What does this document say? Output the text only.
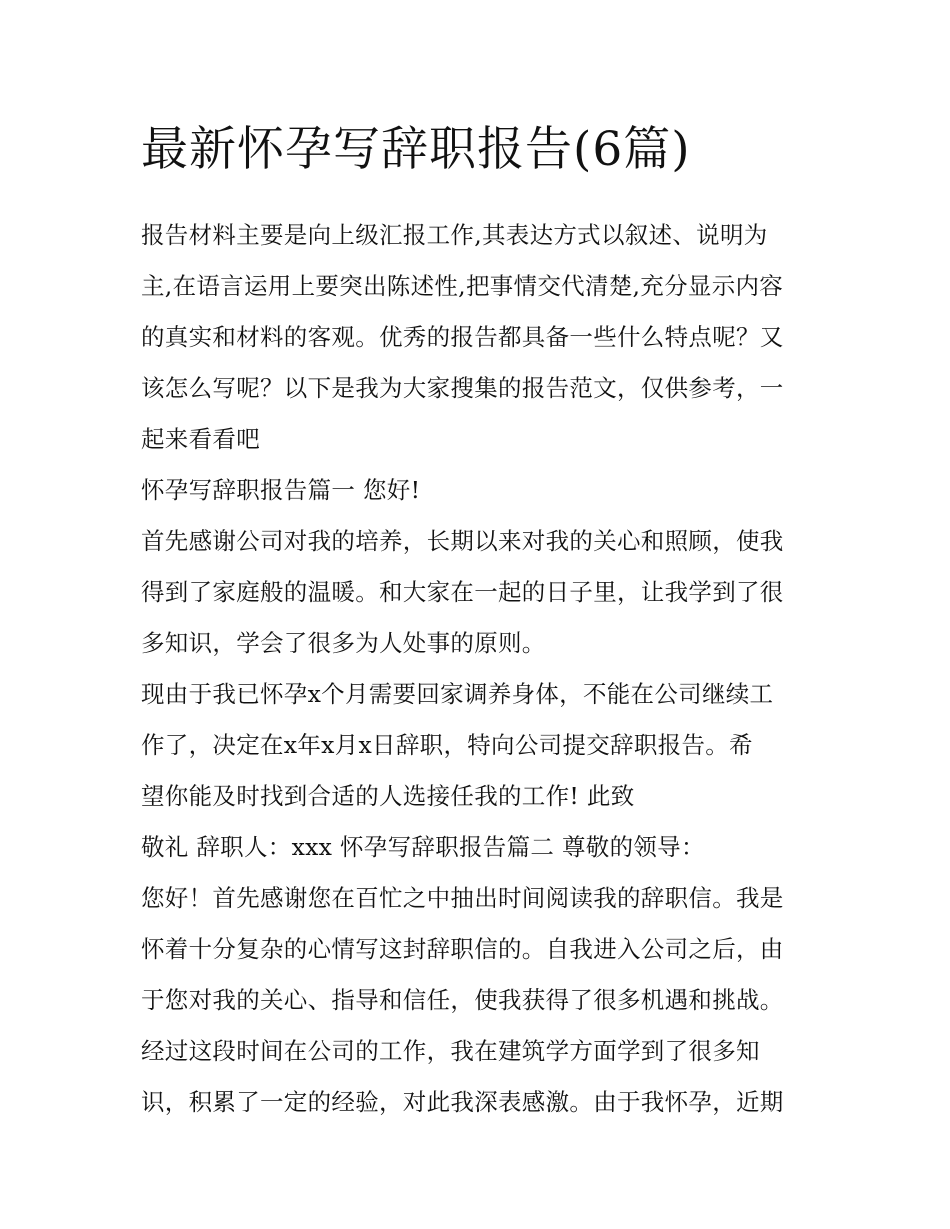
最新怀孕写辞职报告(6篇)
报告材料主要是向上级汇报工作,其表达方式以叙述、说明为
主,在语言运用上要突出陈述性,把事情交代清楚,充分显示内容
的真实和材料的客观。优秀的报告都具备一些什么特点呢？又
该怎么写呢？以下是我为大家搜集的报告范文，仅供参考，一
起来看看吧
怀孕写辞职报告篇一 您好!
首先感谢公司对我的培养，长期以来对我的关心和照顾，使我
得到了家庭般的温暖。和大家在一起的日子里，让我学到了很
多知识，学会了很多为人处事的原则。
现由于我已怀孕x个月需要回家调养身体，不能在公司继续工
作了，决定在x年x月x日辞职，特向公司提交辞职报告。希
望你能及时找到合适的人选接任我的工作! 此致
敬礼 辞职人：xxx 怀孕写辞职报告篇二 尊敬的领导：
您好！首先感谢您在百忙之中抽出时间阅读我的辞职信。我是
怀着十分复杂的心情写这封辞职信的。自我进入公司之后，由
于您对我的关心、指导和信任，使我获得了很多机遇和挑战。
经过这段时间在公司的工作，我在建筑学方面学到了很多知
识，积累了一定的经验，对此我深表感激。由于我怀孕，近期
